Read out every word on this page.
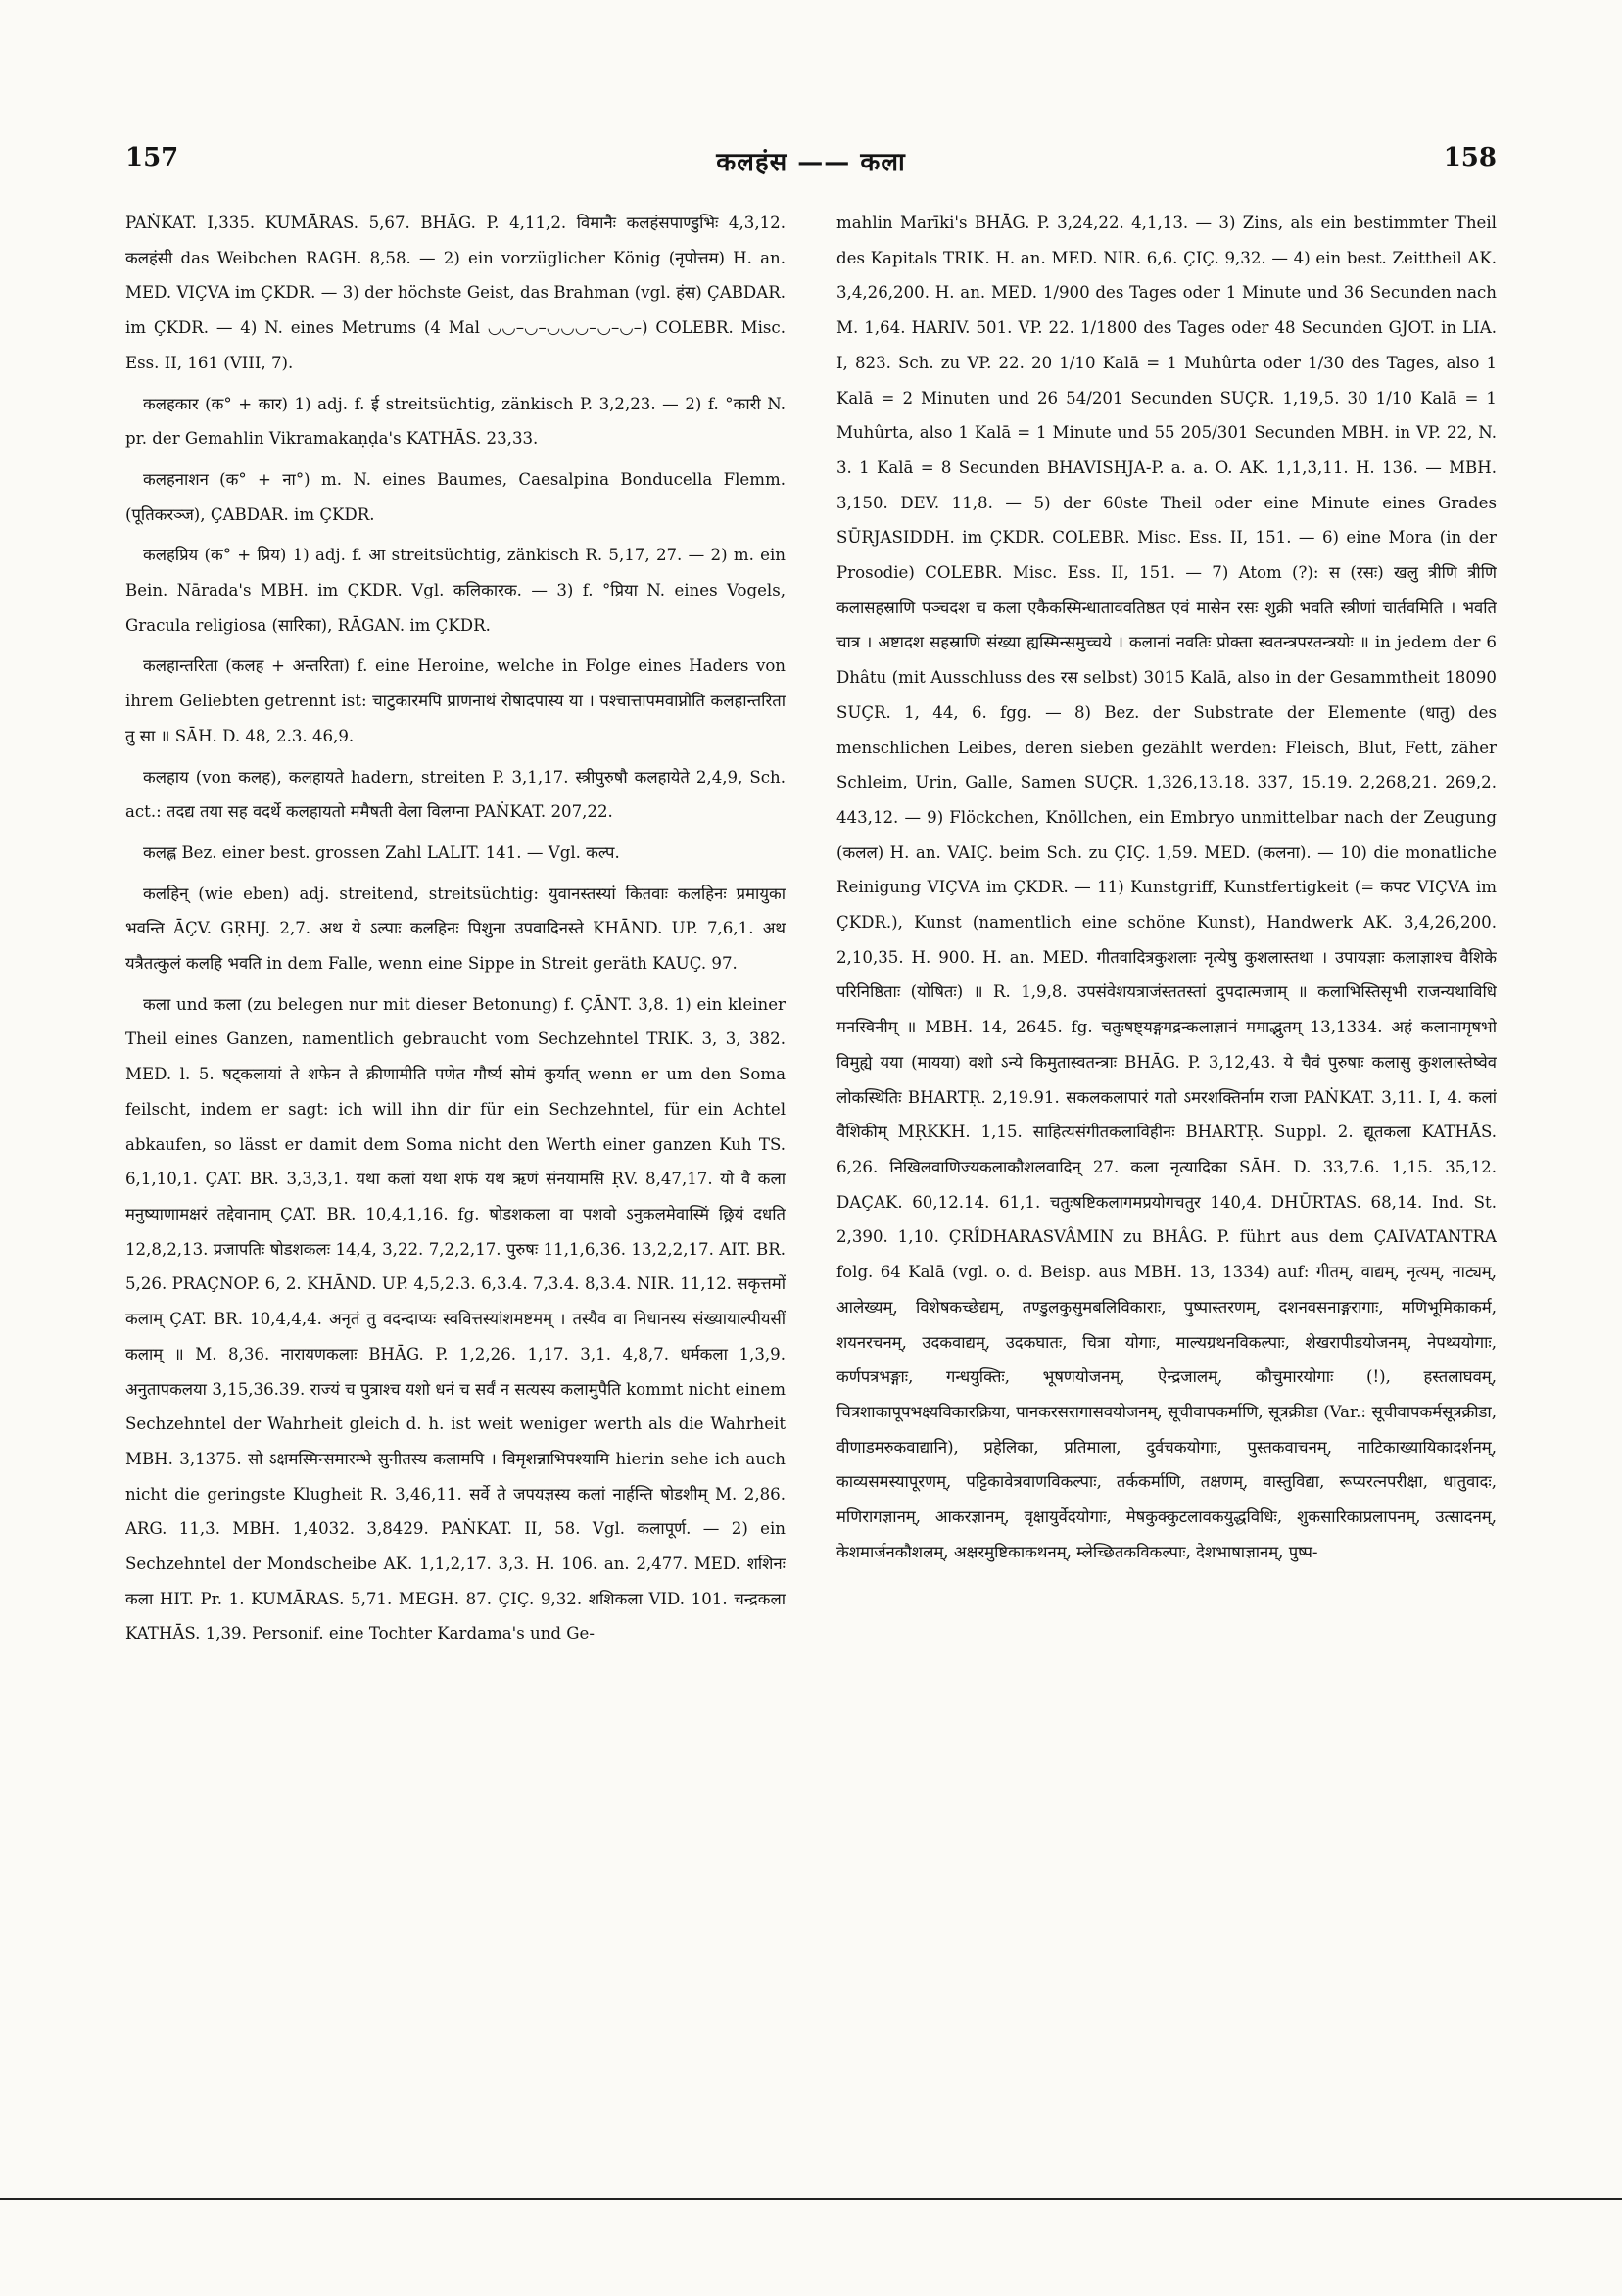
157	कलहंस —— कला	158

PAṄKAT. I,335. KUMĀRAS. 5,67. BHĀG. P. 4,11,2. विमानैः कलहंसपाण्डुभिः 4,3,12. कलहंसी das Weibchen RAGH. 8,58. — 2) ein vorzüglicher König (नृपोत्तम) H. an. MED. VIÇVA im ÇKDR. — 3) der höchste Geist, das Brahman (vgl. हंस) ÇABDAR. im ÇKDR. — 4) N. eines Metrums (4 Mal ◡◡–◡–◡◡◡–◡–◡–) COLEBR. Misc. Ess. II, 161 (VIII, 7).

कलहकार (क° + कार) 1) adj. f. ई streitsüchtig, zänkisch P. 3,2,23. — 2) f. °कारी N. pr. der Gemahlin Vikramakaṇḍa's KATHĀS. 23,33.

कलहनाशन (क° + ना°) m. N. eines Baumes, Caesalpina Bonducella Flemm. (पूतिकरञ्ज), ÇABDAR. im ÇKDR.

कलहप्रिय (क° + प्रिय) 1) adj. f. आ streitsüchtig, zänkisch R. 5,17, 27. — 2) m. ein Bein. Nārada's MBH. im ÇKDR. Vgl. कलिकारक. — 3) f. °प्रिया N. eines Vogels, Gracula religiosa (सारिका), RĀGAN. im ÇKDR.

कलहान्तरिता (कलह + अन्तरिता) f. eine Heroine, welche in Folge eines Haders von ihrem Geliebten getrennt ist: चाटुकारमपि प्राणनाथं रोषादपास्य या । पश्चात्तापमवाप्नोति कलहान्तरिता तु सा ॥ SĀH. D. 48, 2.3. 46,9.

कलहाय (von कलह), कलहायते hadern, streiten P. 3,1,17. स्त्रीपुरुषौ कलहायेते 2,4,9, Sch. act.: तदद्य तया सह वदर्थे कलहायतो ममैषती वेला विलग्ना PAṄKAT. 207,22.

कलह्ल Bez. einer best. grossen Zahl LALIT. 141. — Vgl. कल्प.

कलहिन् (wie eben) adj. streitend, streitsüchtig: युवानस्तस्यां कितवाः कलहिनः प्रमायुका भवन्ति ĀÇV. GṚHJ. 2,7. अथ ये ऽल्पाः कलहिनः पिशुना उपवादिनस्ते KHĀND. UP. 7,6,1. अथ यत्रैतत्कुलं कलहि भवति in dem Falle, wenn eine Sippe in Streit geräth KAUÇ. 97.

कला und कला (zu belegen nur mit dieser Betonung) f. ÇĀNT. 3,8. 1) ein kleiner Theil eines Ganzen, namentlich gebraucht vom Sechzehntel TRIK. 3, 3, 382. MED. l. 5. षट्कलायां ते शफेन ते क्रीणामीति पणेत गौर्ष्य सोमं कुर्यात् wenn er um den Soma feilscht, indem er sagt: ich will ihn dir für ein Sechzehntel, für ein Achtel abkaufen, so lässt er damit dem Soma nicht den Werth einer ganzen Kuh TS. 6,1,10,1. ÇAT. BR. 3,3,3,1. यथा कलां यथा शफं यथ ऋणं संनयामसि ṚV. 8,47,17. यो वै कला मनुष्याणामक्षरं तद्देवानाम् ÇAT. BR. 10,4,1,16. fg. षोडशकला वा पशवो ऽनुकलमेवास्मिं छ्रियं दधति 12,8,2,13. प्रजापतिः षोडशकलः 14,4, 3,22. 7,2,2,17. पुरुषः 11,1,6,36. 13,2,2,17. AIT. BR. 5,26. PRAÇNOP. 6, 2. KHĀND. UP. 4,5,2.3. 6,3.4. 7,3.4. 8,3.4. NIR. 11,12. सकृत्तमों कलाम् ÇAT. BR. 10,4,4,4. अनृतं तु वदन्दाप्यः स्ववित्तस्यांशमष्टमम् । तस्यैव वा निधानस्य संख्यायाल्पीयसीं कलाम् ॥ M. 8,36. नारायणकलाः BHĀG. P. 1,2,26. 1,17. 3,1. 4,8,7. धर्मकला 1,3,9. अनुतापकलया 3,15,36.39. राज्यं च पुत्राश्च यशो धनं च सर्वं न सत्यस्य कलामुपैति kommt nicht einem Sechzehntel der Wahrheit gleich d. h. ist weit weniger werth als die Wahrheit MBH. 3,1375. सो ऽक्षमस्मिन्समारम्भे सुनीतस्य कलामपि । विमृशन्नाभिपश्यामि hierin sehe ich auch nicht die geringste Klugheit R. 3,46,11. सर्वे ते जपयज्ञस्य कलां नार्हन्ति षोडशीम् M. 2,86. ARG. 11,3. MBH. 1,4032. 3,8429. PAṄKAT. II, 58. Vgl. कलापूर्ण. — 2) ein Sechzehntel der Mondscheibe AK. 1,1,2,17. 3,3. H. 106. an. 2,477. MED. शशिनः कला HIT. Pr. 1. KUMĀRAS. 5,71. MEGH. 87. ÇIÇ. 9,32. शशिकला VID. 101. चन्द्रकला KATHĀS. 1,39. Personif. eine Tochter Kardama's und Ge-

mahlin Marīki's BHĀG. P. 3,24,22. 4,1,13. — 3) Zins, als ein bestimmter Theil des Kapitals TRIK. H. an. MED. NIR. 6,6. ÇIÇ. 9,32. — 4) ein best. Zeittheil AK. 3,4,26,200. H. an. MED. 1/900 des Tages oder 1 Minute und 36 Secunden nach M. 1,64. HARIV. 501. VP. 22. 1/1800 des Tages oder 48 Secunden GJOT. in LIA. I, 823. Sch. zu VP. 22. 20 1/10 Kalā = 1 Muhûrta oder 1/30 des Tages, also 1 Kalā = 2 Minuten und 26 54/201 Secunden SUÇR. 1,19,5. 30 1/10 Kalā = 1 Muhûrta, also 1 Kalā = 1 Minute und 55 205/301 Secunden MBH. in VP. 22, N. 3. 1 Kalā = 8 Secunden BHAVISHJA-P. a. a. O. AK. 1,1,3,11. H. 136. — MBH. 3,150. DEV. 11,8. — 5) der 60ste Theil oder eine Minute eines Grades SŪRJASIDDH. im ÇKDR. COLEBR. Misc. Ess. II, 151. — 6) eine Mora (in der Prosodie) COLEBR. Misc. Ess. II, 151. — 7) Atom (?): स (रसः) खलु त्रीणि त्रीणि कलासहस्राणि पञ्चदश च कला एकैकस्मिन्धाताववतिष्ठत एवं मासेन रसः शुक्री भवति स्त्रीणां चार्तवमिति । भवति चात्र । अष्टादश सहस्राणि संख्या ह्यस्मिन्समुच्चये । कलानां नवतिः प्रोक्ता स्वतन्त्रपरतन्त्रयोः ॥ in jedem der 6 Dhâtu (mit Ausschluss des रस selbst) 3015 Kalā, also in der Gesammtheit 18090 SUÇR. 1, 44, 6. fgg. — 8) Bez. der Substrate der Elemente (धातु) des menschlichen Leibes, deren sieben gezählt werden: Fleisch, Blut, Fett, zäher Schleim, Urin, Galle, Samen SUÇR. 1,326,13.18. 337, 15.19. 2,268,21. 269,2. 443,12. — 9) Flöckchen, Knöllchen, ein Embryo unmittelbar nach der Zeugung (कलल) H. an. VAIÇ. beim Sch. zu ÇIÇ. 1,59. MED. (कलना). — 10) die monatliche Reinigung VIÇVA im ÇKDR. — 11) Kunstgriff, Kunstfertigkeit (= कपट VIÇVA im ÇKDR.), Kunst (namentlich eine schöne Kunst), Handwerk AK. 3,4,26,200. 2,10,35. H. 900. H. an. MED. गीतवादित्रकुशलाः नृत्येषु कुशलास्तथा । उपायज्ञाः कलाज्ञाश्च वैशिके परिनिष्ठिताः (योषितः) ॥ R. 1,9,8. उपसंवेशयत्राजंस्ततस्तां दुपदात्मजाम् ॥ कलाभिस्तिसृभी राजन्यथाविधि मनस्विनीम् ॥ MBH. 14, 2645. fg. चतुःषष्ट्यङ्गमद्रन्कलाज्ञानं ममाद्भुतम् 13,1334. अहं कलानामृषभो विमुह्ये यया (मायया) वशो ऽन्ये किमुतास्वतन्त्राः BHĀG. P. 3,12,43. ये चैवं पुरुषाः कलासु कुशलास्तेष्वेव लोकस्थितिः BHARTṚ. 2,19.91. सकलकलापारं गतो ऽमरशक्तिर्नाम राजा PAṄKAT. 3,11. I, 4. कलां वैशिकीम् MṚKKH. 1,15. साहित्यसंगीतकलाविहीनः BHARTṚ. Suppl. 2. द्यूतकला KATHĀS. 6,26. निखिलवाणिज्यकलाकौशलवादिन् 27. कला नृत्यादिका SĀH. D. 33,7.6. 1,15. 35,12. DAÇAK. 60,12.14. 61,1. चतुःषष्टिकलागमप्रयोगचतुर 140,4. DHŪRTAS. 68,14. Ind. St. 2,390. 1,10. ÇRÎDHARASVÂMIN zu BHÂG. P. führt aus dem ÇAIVATANTRA folg. 64 Kalā (vgl. o. d. Beisp. aus MBH. 13, 1334) auf: गीतम्, वाद्यम्, नृत्यम्, नाट्यम्, आलेख्यम्, विशेषकच्छेद्यम्, तण्डुलकुसुमबलिविकाराः, पुष्पास्तरणम्, दशनवसनाङ्गरागाः, मणिभूमिकाकर्म, शयनरचनम्, उदकवाद्यम्, उदकघातः, चित्रा योगाः, माल्यग्रथनविकल्पाः, शेखरापीडयोजनम्, नेपथ्ययोगाः, कर्णपत्रभङ्गाः, गन्धयुक्तिः, भूषणयोजनम्, ऐन्द्रजालम्, कौचुमारयोगाः (!), हस्तलाघवम्, चित्रशाकापूपभक्ष्यविकारक्रिया, पानकरसरागासवयोजनम्, सूचीवापकर्माणि, सूत्रक्रीडा (Var.: सूचीवापकर्मसूत्रक्रीडा, वीणाडमरुकवाद्यानि), प्रहेलिका, प्रतिमाला, दुर्वचकयोगाः, पुस्तकवाचनम्, नाटिकाख्यायिकादर्शनम्, काव्यसमस्यापूरणम्, पट्टिकावेत्रवाणविकल्पाः, तर्ककर्माणि, तक्षणम्, वास्तुविद्या, रूप्यरत्नपरीक्षा, धातुवादः, मणिरागज्ञानम्, आकरज्ञानम्, वृक्षायुर्वेदयोगाः, मेषकुक्कुटलावकयुद्धविधिः, शुकसारिकाप्रलापनम्, उत्सादनम्, केशमार्जनकौशलम्, अक्षरमुष्टिकाकथनम्, म्लेच्छितकविकल्पाः, देशभाषाज्ञानम्, पुष्प-
